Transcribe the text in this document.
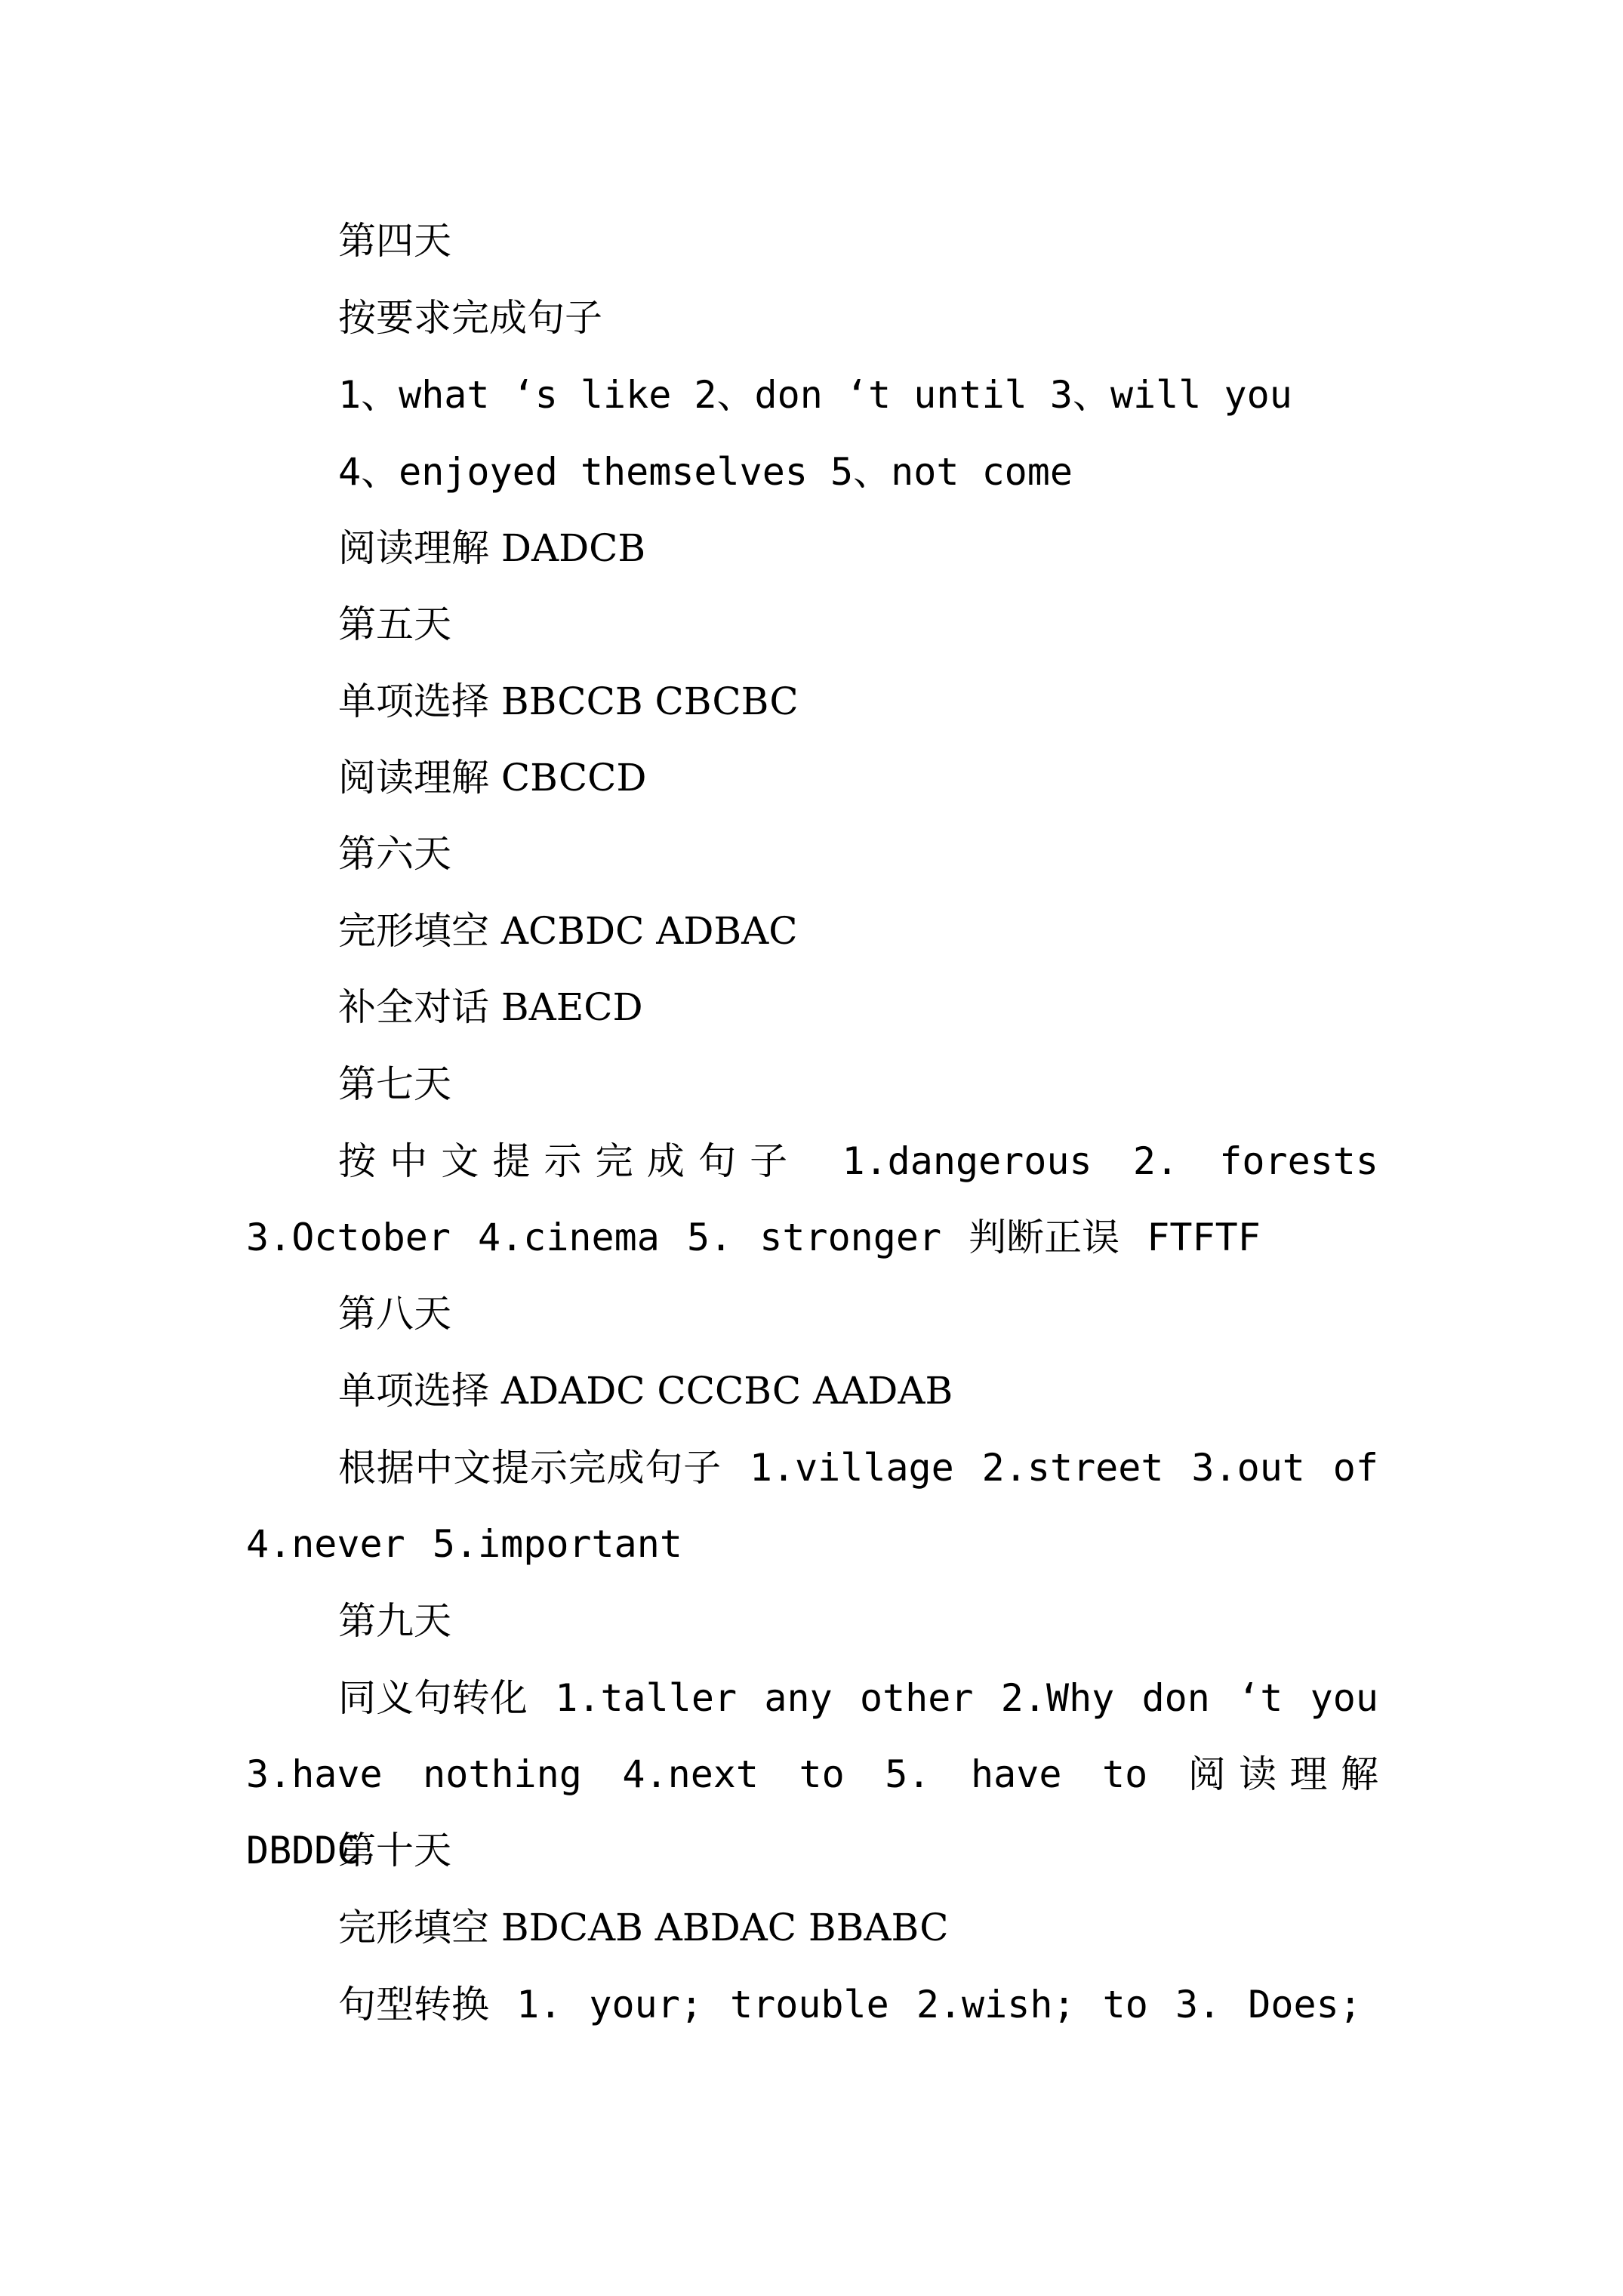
第四天
按要求完成句子
1、what ‘s like 2、don ‘t until 3、will you
4、enjoyed themselves 5、not come
阅读理解 DADCB
第五天
单项选择 BBCCB CBCBC
阅读理解 CBCCD
第六天
完形填空 ACBDC ADBAC
补全对话 BAECD
第七天
按中文提示完成句子 1.dangerous 2. forests 3.October 4.cinema 5. stronger 判断正误 FTFTF
第八天
单项选择 ADADC CCCBC AADAB
根据中文提示完成句子 1.village 2.street 3.out of 4.never 5.important
第九天
同义句转化 1.taller any other 2.Why don ‘t you 3.have nothing 4.next to 5. have to 阅读理解 DBDDC
第十天
完形填空 BDCAB ABDAC BBABC
句型转换 1. your; trouble 2.wish; to 3. Does;
